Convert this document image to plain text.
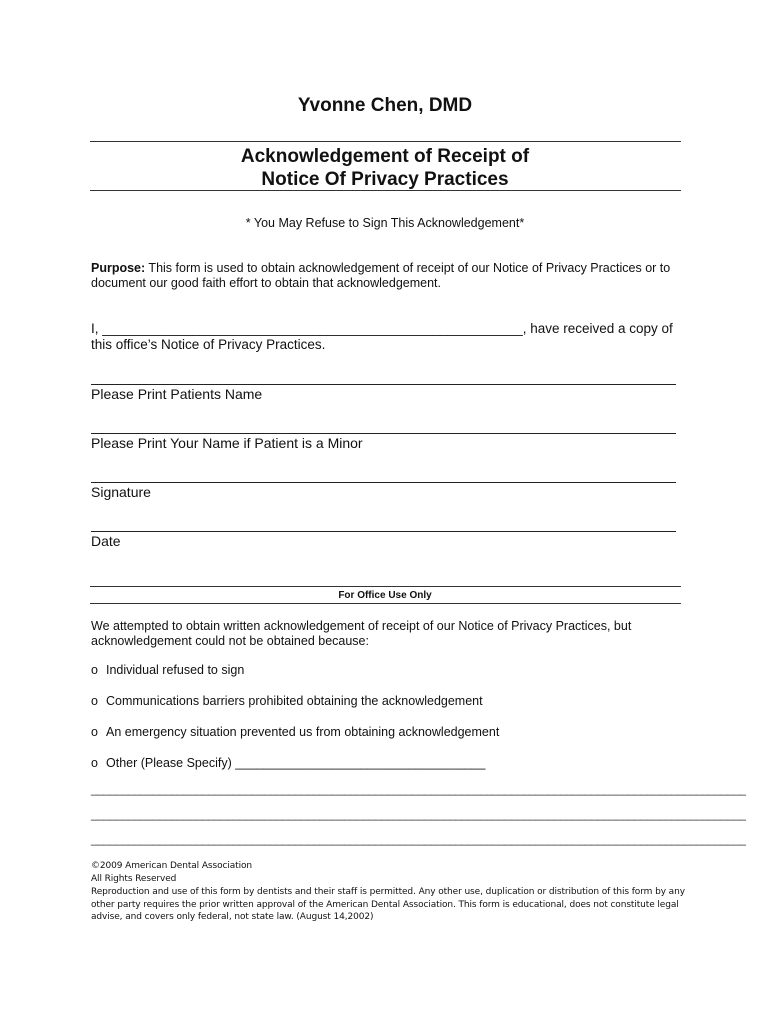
Yvonne Chen, DMD
Acknowledgement of Receipt of
Notice Of Privacy Practices
* You May Refuse to Sign This Acknowledgement*

Purpose: This form is used to obtain acknowledgement of receipt of our Notice of Privacy Practices or to document our good faith effort to obtain that acknowledgement.

I, ________________________________________________________, have received a copy of
this office’s Notice of Privacy Practices.
Please Print Patients Name
Please Print Your Name if Patient is a Minor
Signature
Date
For Office Use Only

We attempted to obtain written acknowledgement of receipt of our Notice of Privacy Practices, but acknowledgement could not be obtained because:

o Individual refused to sign
o Communications barriers prohibited obtaining the acknowledgement
o An emergency situation prevented us from obtaining acknowledgement
o Other (Please Specify) ____________________________________
__________________________________________________________________________________________________________
__________________________________________________________________________________________________________
__________________________________________________________________________________________________________
©2009 American Dental Association
All Rights Reserved

Reproduction and use of this form by dentists and their staff is permitted. Any other use, duplication or distribution of this form by any other party requires the prior written approval of the American Dental Association. This form is educational, does not constitute legal advise, and covers only federal, not state law. (August 14,2002)
